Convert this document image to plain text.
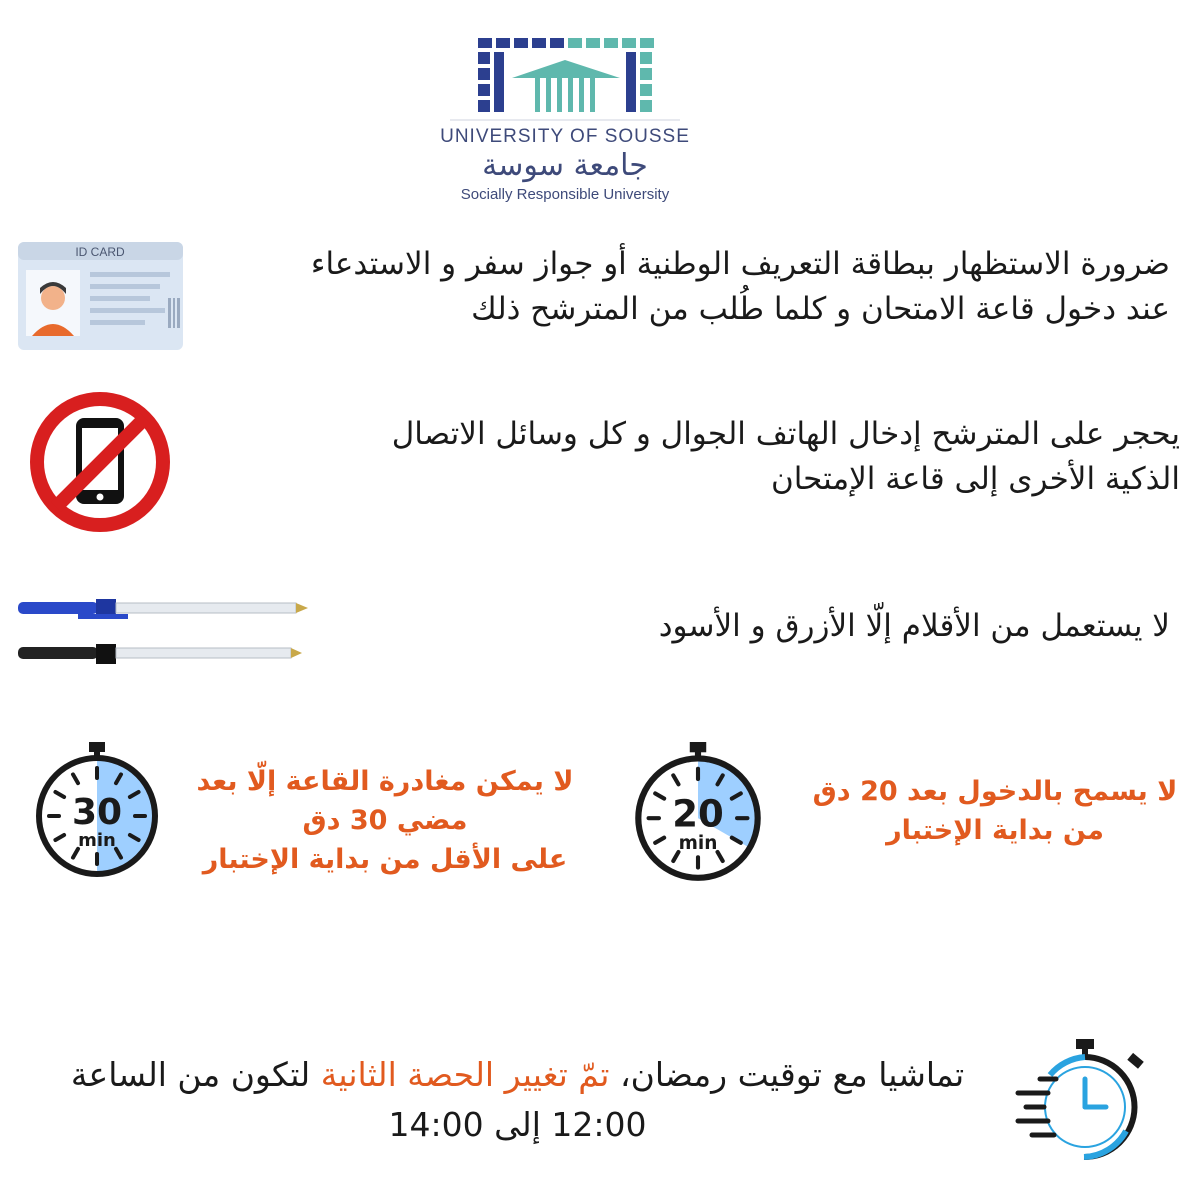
UNIVERSITY OF SOUSSE
جامعة سوسة
Socially Responsible University
ID CARD	ضرورة الاستظهار ببطاقة التعريف الوطنية أو جواز سفر و الاستدعاء
عند دخول قاعة الامتحان و كلما طُلب من المترشح ذلك
يحجر على المترشح إدخال الهاتف الجوال و كل وسائل الاتصال
الذكية الأخرى إلى قاعة الإمتحان
لا يستعمل من الأقلام إلّا الأزرق و الأسود
30
min
لا يمكن مغادرة القاعة إلّا بعد
مضي 30 دق
على الأقل من بداية الإختبار
20
min
لا يسمح بالدخول بعد 20 دق
من بداية الإختبار
تماشيا مع توقيت رمضان، تمّ تغيير الحصة الثانية لتكون من الساعة
12:00 إلى 14:00
